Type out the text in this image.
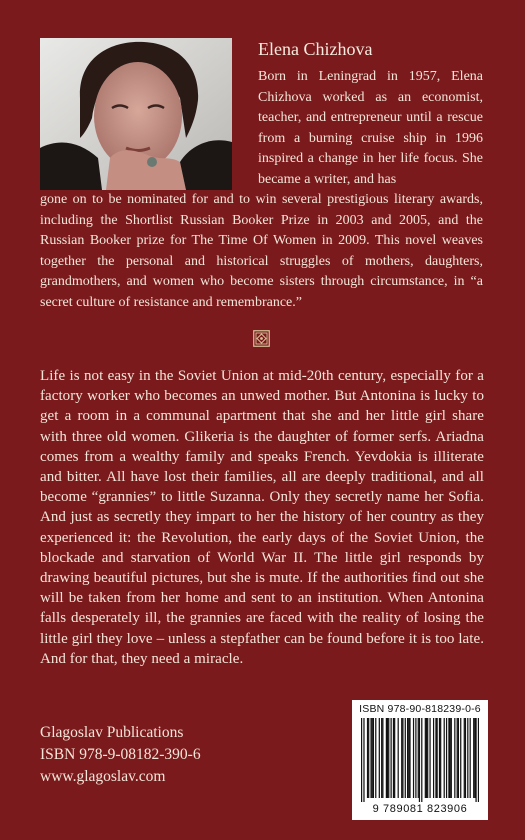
Elena Chizhova

Born in Leningrad in 1957, Elena Chizhova worked as an economist, teacher, and entrepreneur until a rescue from a burning cruise ship in 1996 inspired a change in her life focus. She became a writer, and has

gone on to be nominated for and to win several prestigious literary awards, including the Shortlist Russian Booker Prize in 2003 and 2005, and the Russian Booker prize for The Time Of Women in 2009. This novel weaves together the personal and historical struggles of mothers, daughters, grandmothers, and women who become sisters through circumstance, in “a secret culture of resistance and remembrance.”

Life is not easy in the Soviet Union at mid-20th century, especially for a factory worker who becomes an unwed mother. But Antonina is lucky to get a room in a communal apartment that she and her little girl share with three old women. Glikeria is the daughter of former serfs. Ariadna comes from a wealthy family and speaks French. Yevdokia is illiterate and bitter. All have lost their families, all are deeply traditional, and all become “grannies” to little Suzanna. Only they secretly name her Sofia. And just as secretly they impart to her the history of her country as they experienced it: the Revolution, the early days of the Soviet Union, the blockade and starvation of World War II. The little girl responds by drawing beautiful pictures, but she is mute. If the authorities find out she will be taken from her home and sent to an institution. When Antonina falls desperately ill, the grannies are faced with the reality of losing the little girl they love – unless a stepfather can be found before it is too late. And for that, they need a miracle.

Glagoslav Publications
ISBN 978-9-08182-390-6
www.glagoslav.com
ISBN 978-90-818239-0-6
9 789081 823906
